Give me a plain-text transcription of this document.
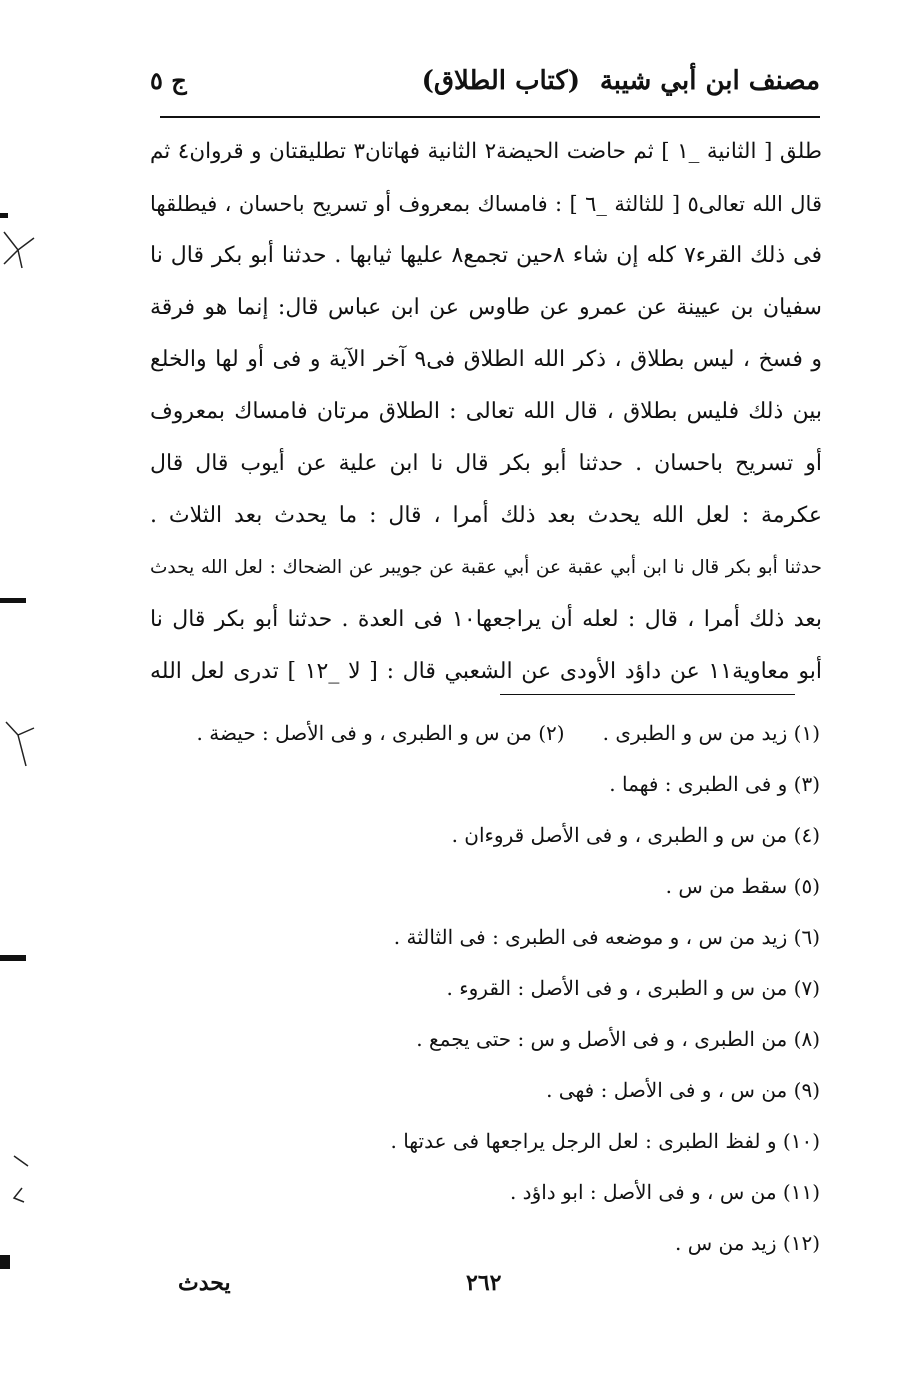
مصنف ابن أبي شيبة
(كتاب الطلاق)
ج ٥
طلق [ الثانية _١ ] ثم حاضت الحيضة٢ الثانية فهاتان٣ تطليقتان و قروان٤ ثم
قال الله تعالى٥ [ للثالثة _٦ ] : فامساك بمعروف أو تسريح باحسان ، فيطلقها
فى ذلك القرء٧ كله إن شاء ٨حين تجمع٨ عليها ثيابها . حدثنا أبو بكر قال نا
سفيان بن عيينة عن عمرو عن طاوس عن ابن عباس قال: إنما هو فرقة
و فسخ ، ليس بطلاق ، ذكر الله الطلاق فى٩ آخر الآية و فى أو لها والخلع
بين ذلك فليس بطلاق ، قال الله تعالى : الطلاق مرتان فامساك بمعروف
أو تسريح باحسان . حدثنا أبو بكر قال نا ابن علية عن أيوب قال قال
عكرمة : لعل الله يحدث بعد ذلك أمرا ، قال : ما يحدث بعد الثلاث .
حدثنا أبو بكر قال نا ابن أبي عقبة عن أبي عقبة عن جويبر عن الضحاك : لعل الله يحدث
بعد ذلك أمرا ، قال : لعله أن يراجعها١٠ فى العدة . حدثنا أبو بكر قال نا
أبو معاوية١١ عن داؤد الأودى عن الشعبي قال : [ لا _١٢ ] تدرى لعل الله
(١) زيد من س و الطبرى .(٢) من س و الطبرى ، و فى الأصل : حيضة .
(٣) و فى الطبرى : فهما .
(٤) من س و الطبرى ، و فى الأصل قروءان .
(٥) سقط من س .
(٦) زيد من س ، و موضعه فى الطبرى : فى الثالثة .
(٧) من س و الطبرى ، و فى الأصل : القروء .
(٨) من الطبرى ، و فى الأصل و س : حتى يجمع .
(٩) من س ، و فى الأصل : فهى .
(١٠) و لفظ الطبرى : لعل الرجل يراجعها فى عدتها .
(١١) من س ، و فى الأصل : ابو داؤد .
(١٢) زيد من س .
يحدث	٢٦٢
